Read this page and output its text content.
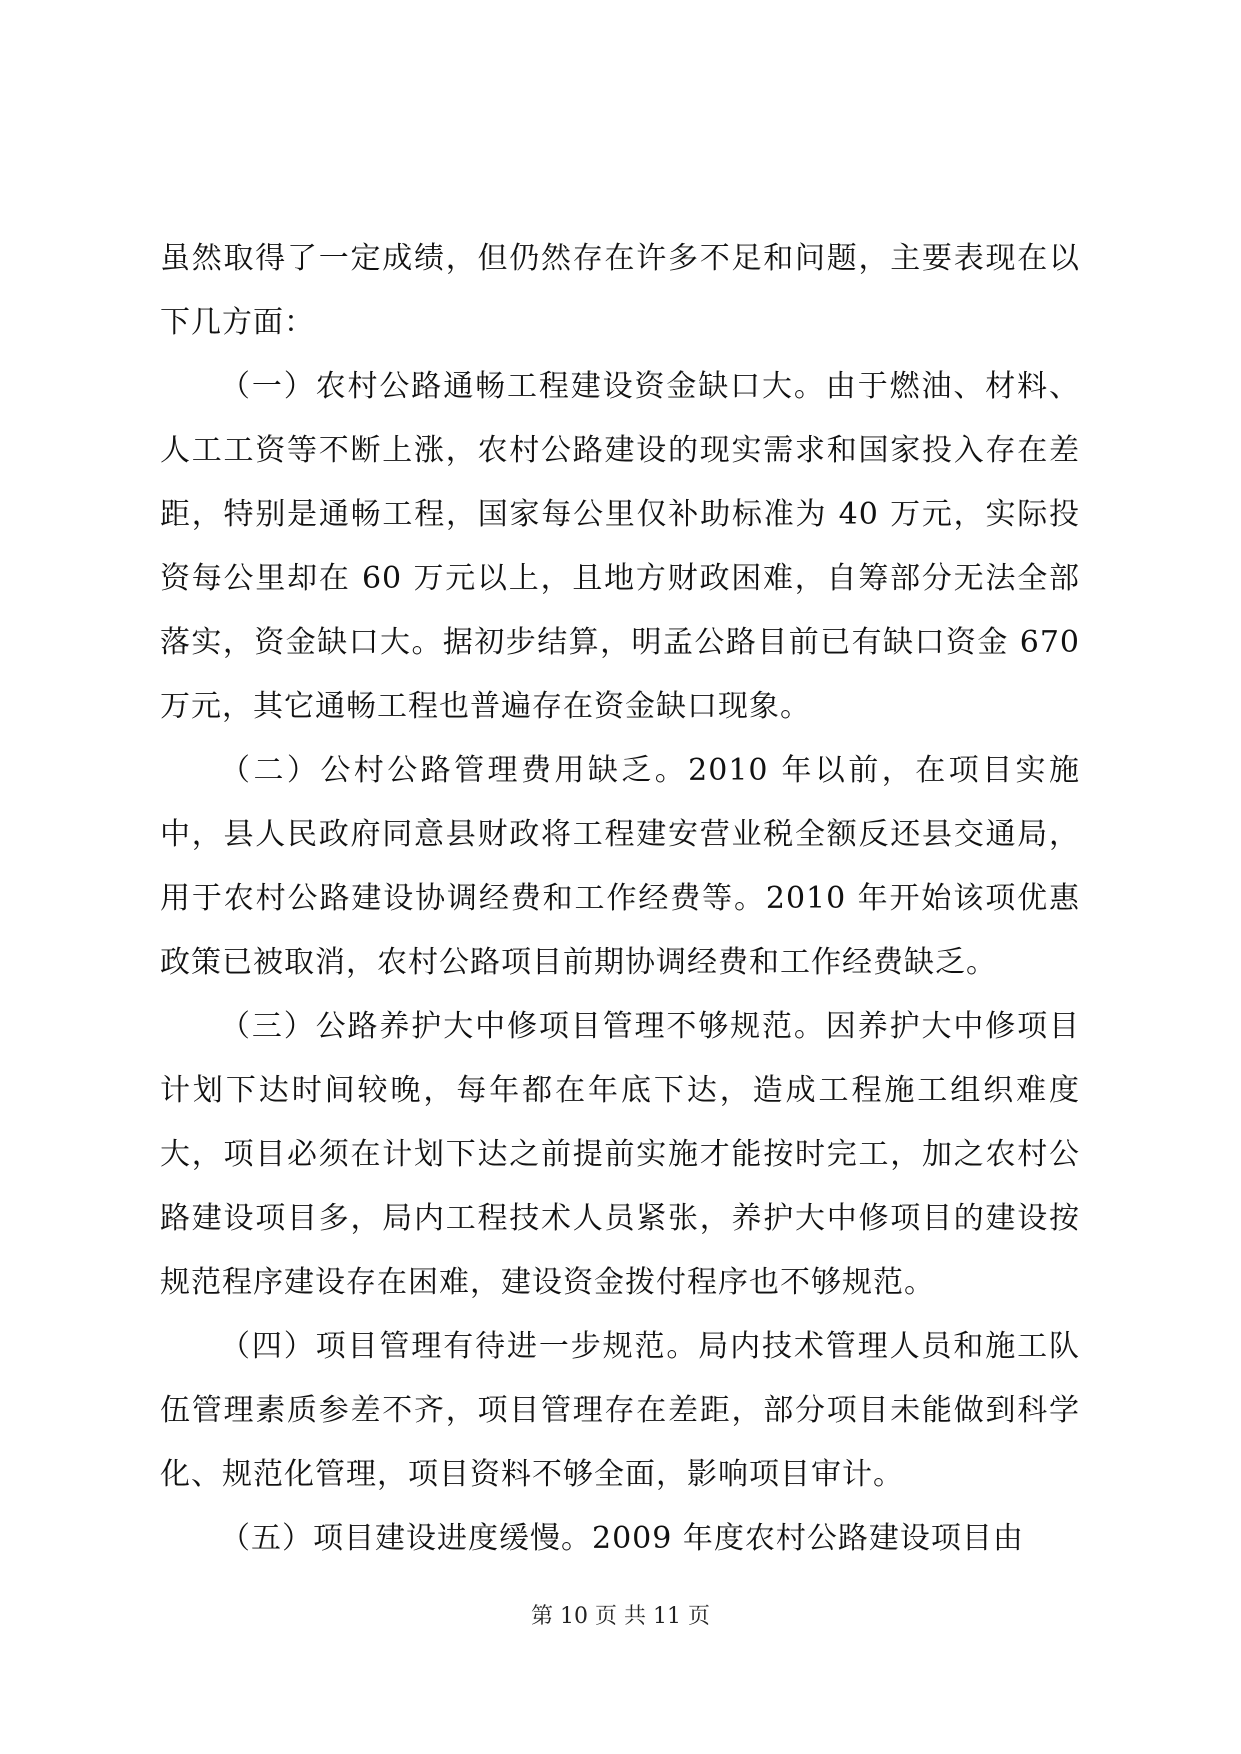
虽然取得了一定成绩，但仍然存在许多不足和问题，主要表现在以下几方面：

（一）农村公路通畅工程建设资金缺口大。由于燃油、材料、人工工资等不断上涨，农村公路建设的现实需求和国家投入存在差距，特别是通畅工程，国家每公里仅补助标准为 40 万元，实际投资每公里却在 60 万元以上，且地方财政困难，自筹部分无法全部落实，资金缺口大。据初步结算，明孟公路目前已有缺口资金 670 万元，其它通畅工程也普遍存在资金缺口现象。

（二）公村公路管理费用缺乏。2010 年以前，在项目实施中，县人民政府同意县财政将工程建安营业税全额反还县交通局，用于农村公路建设协调经费和工作经费等。2010 年开始该项优惠政策已被取消，农村公路项目前期协调经费和工作经费缺乏。

（三）公路养护大中修项目管理不够规范。因养护大中修项目计划下达时间较晚，每年都在年底下达，造成工程施工组织难度大，项目必须在计划下达之前提前实施才能按时完工，加之农村公路建设项目多，局内工程技术人员紧张，养护大中修项目的建设按规范程序建设存在困难，建设资金拨付程序也不够规范。

（四）项目管理有待进一步规范。局内技术管理人员和施工队伍管理素质参差不齐，项目管理存在差距，部分项目未能做到科学化、规范化管理，项目资料不够全面，影响项目审计。

（五）项目建设进度缓慢。2009 年度农村公路建设项目由

第 10 页 共 11 页
